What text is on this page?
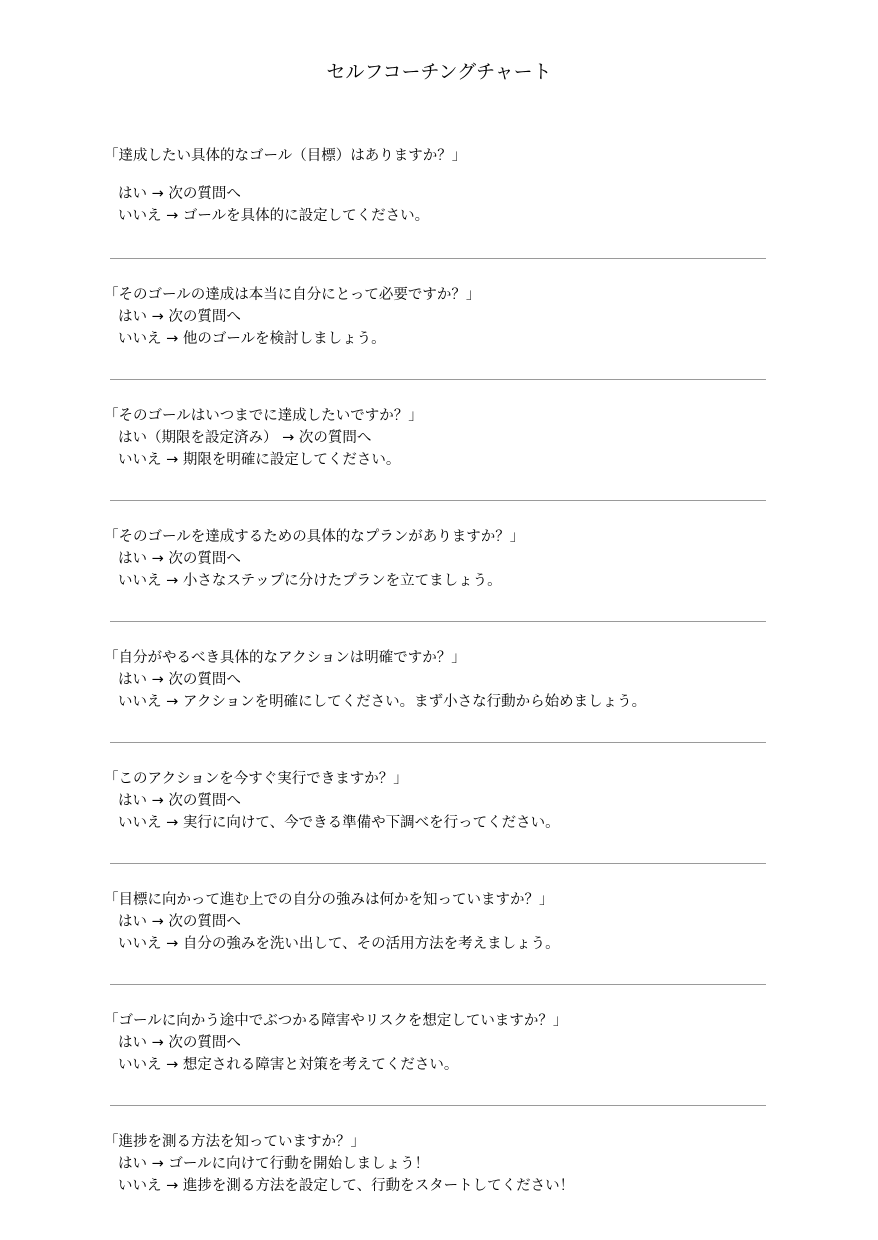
セルフコーチングチャート
「達成したい具体的なゴール（目標）はありますか？」
はい → 次の質問へ
いいえ → ゴールを具体的に設定してください。
「そのゴールの達成は本当に自分にとって必要ですか？」
はい → 次の質問へ
いいえ → 他のゴールを検討しましょう。
「そのゴールはいつまでに達成したいですか？」
はい（期限を設定済み） → 次の質問へ
いいえ → 期限を明確に設定してください。
「そのゴールを達成するための具体的なプランがありますか？」
はい → 次の質問へ
いいえ → 小さなステップに分けたプランを立てましょう。
「自分がやるべき具体的なアクションは明確ですか？」
はい → 次の質問へ
いいえ → アクションを明確にしてください。まず小さな行動から始めましょう。
「このアクションを今すぐ実行できますか？」
はい → 次の質問へ
いいえ → 実行に向けて、今できる準備や下調べを行ってください。
「目標に向かって進む上での自分の強みは何かを知っていますか？」
はい → 次の質問へ
いいえ → 自分の強みを洗い出して、その活用方法を考えましょう。
「ゴールに向かう途中でぶつかる障害やリスクを想定していますか？」
はい → 次の質問へ
いいえ → 想定される障害と対策を考えてください。
「進捗を測る方法を知っていますか？」
はい → ゴールに向けて行動を開始しましょう！
いいえ → 進捗を測る方法を設定して、行動をスタートしてください！
